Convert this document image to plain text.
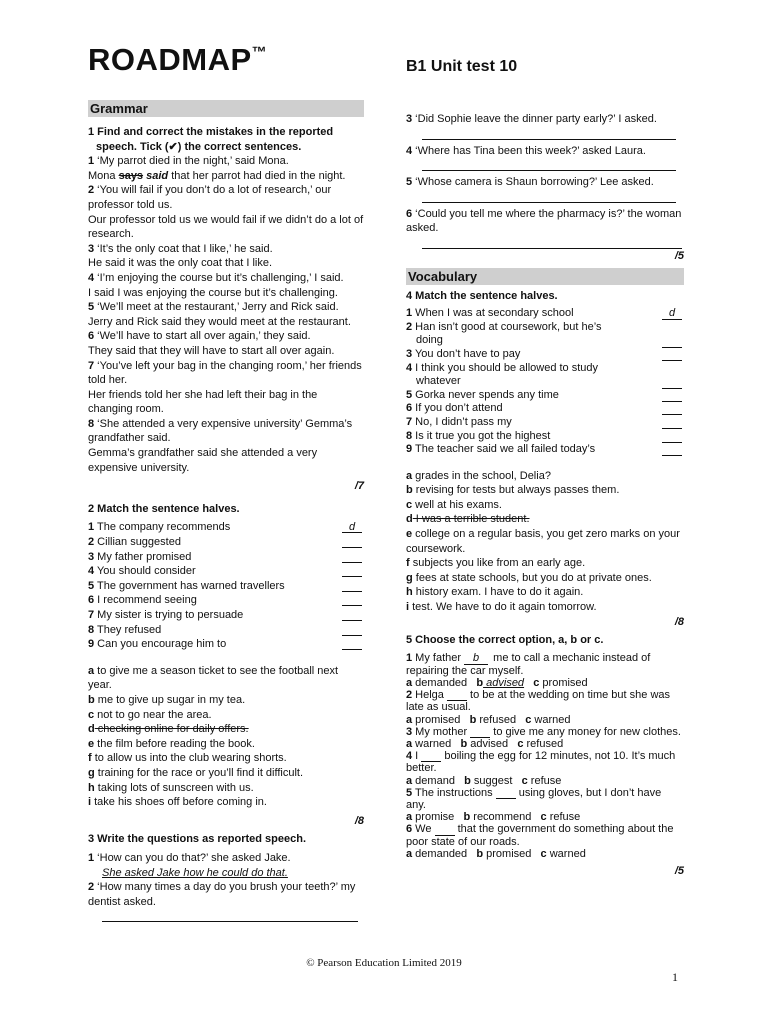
ROADMAP™
B1 Unit test 10
Grammar
1 Find and correct the mistakes in the reported
speech. Tick (✔) the correct sentences.
1 ‘My parrot died in the night,’ said Mona.
Mona says said that her parrot had died in the night.
2 ‘You will fail if you don’t do a lot of research,’ our professor told us.
Our professor told us we would fail if we didn’t do a lot of research.
3 ‘It’s the only coat that I like,’ he said.
He said it was the only coat that I like.
4 ‘I’m enjoying the course but it’s challenging,’ I said.
I said I was enjoying the course but it’s challenging.
5 ‘We’ll meet at the restaurant,’ Jerry and Rick said.
Jerry and Rick said they would meet at the restaurant.
6 ‘We’ll have to start all over again,’ they said.
They said that they will have to start all over again.
7 ‘You’ve left your bag in the changing room,’ her friends told her.
Her friends told her she had left their bag in the changing room.
8 ‘She attended a very expensive university’ Gemma’s grandfather said.
Gemma’s grandfather said she attended a very expensive university.
/7
2 Match the sentence halves.
1 The company recommends	d
2 Cillian suggested
3 My father promised
4 You should consider
5 The government has warned travellers
6 I recommend seeing
7 My sister is trying to persuade
8 They refused
9 Can you encourage him to
a to give me a season ticket to see the football next year.
b me to give up sugar in my tea.
c not to go near the area.
d checking online for daily offers.
e the film before reading the book.
f to allow us into the club wearing shorts.
g training for the race or you’ll find it difficult.
h taking lots of sunscreen with us.
i take his shoes off before coming in.
/8
3 Write the questions as reported speech.
1 ‘How can you do that?’ she asked Jake.
She asked Jake how he could do that.
2 ‘How many times a day do you brush your teeth?’ my dentist asked.
3 ‘Did Sophie leave the dinner party early?’ I asked.
4 ‘Where has Tina been this week?’ asked Laura.
5 ‘Whose camera is Shaun borrowing?’ Lee asked.
6 ‘Could you tell me where the pharmacy is?’ the woman asked.
/5
Vocabulary
4 Match the sentence halves.
1 When I was at secondary school	d
2 Han isn’t good at coursework, but he’s
doing
3 You don’t have to pay
4 I think you should be allowed to study
whatever
5 Gorka never spends any time
6 If you don’t attend
7 No, I didn’t pass my
8 Is it true you got the highest
9 The teacher said we all failed today’s
a grades in the school, Delia?
b revising for tests but always passes them.
c well at his exams.
d I was a terrible student.
e college on a regular basis, you get zero marks on your coursework.
f subjects you like from an early age.
g fees at state schools, but you do at private ones.
h history exam. I have to do it again.
i test. We have to do it again tomorrow.
/8
5 Choose the correct option, a, b or c.
1 My father b me to call a mechanic instead of repairing the car myself.
a demanded b advised c promised
2 Helga  to be at the wedding on time but she was late as usual.
a promised b refused c warned
3 My mother  to give me any money for new clothes.
a warned b advised c refused
4 I  boiling the egg for 12 minutes, not 10. It’s much better.
a demand b suggest c refuse
5 The instructions  using gloves, but I don’t have any.
a promise b recommend c refuse
6 We  that the government do something about the poor state of our roads.
a demanded b promised c warned
/5
© Pearson Education Limited 2019
1
